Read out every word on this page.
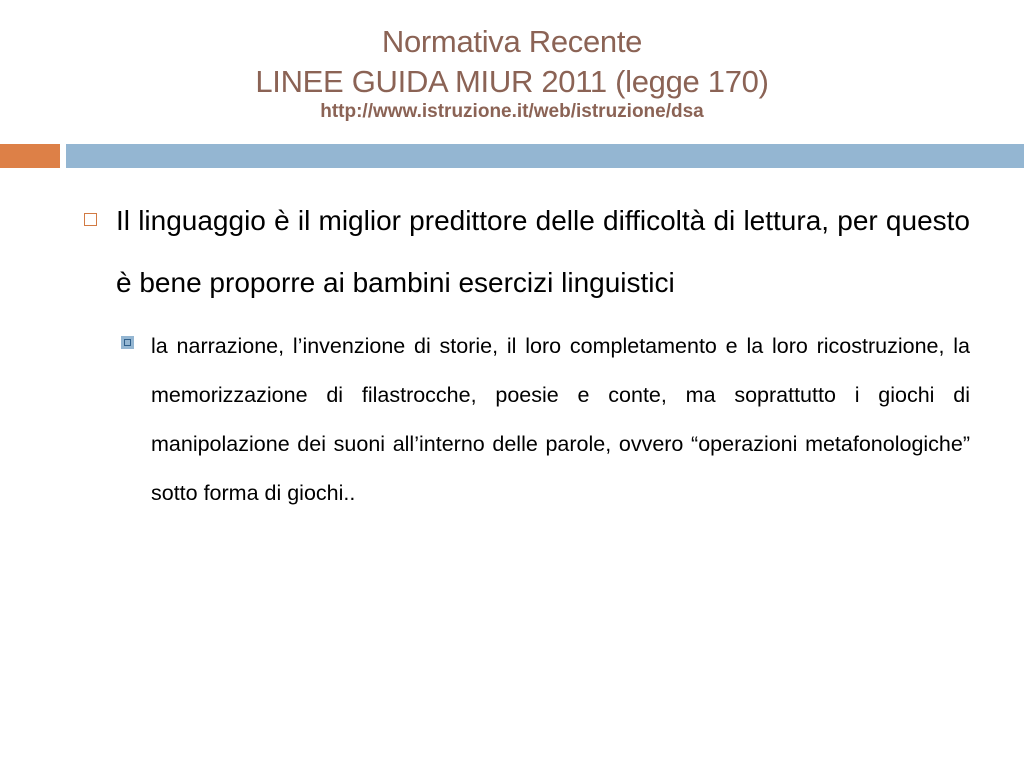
Normativa Recente
LINEE GUIDA MIUR 2011 (legge 170)
http://www.istruzione.it/web/istruzione/dsa
Il linguaggio è il miglior predittore delle difficoltà di lettura, per questo è bene proporre ai bambini esercizi linguistici
la narrazione, l’invenzione di storie, il loro completamento e la loro ricostruzione, la memorizzazione di filastrocche, poesie e conte, ma soprattutto i giochi di manipolazione dei suoni all’interno delle parole, ovvero “operazioni metafonologiche” sotto forma di giochi..
